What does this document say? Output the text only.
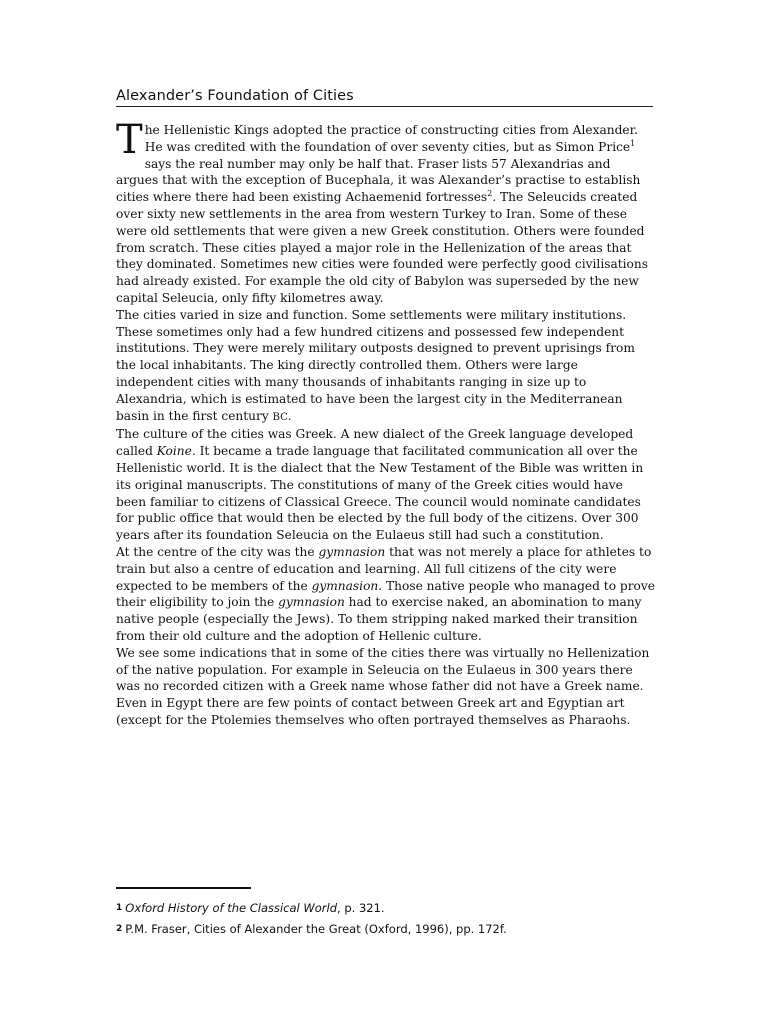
Alexander’s Foundation of Cities

The Hellenistic Kings adopted the practice of constructing cities from Alexander. He was credited with the foundation of over seventy cities, but as Simon Price$^1$ says the real number may only be half that. Fraser lists 57 Alexandrias and argues that with the exception of Bucephala, it was Alexander’s practise to establish cities where there had been existing Achaemenid fortresses$^2$. The Seleucids created over sixty new settlements in the area from western Turkey to Iran. Some of these were old settlements that were given a new Greek constitution. Others were founded from scratch. These cities played a major role in the Hellenization of the areas that they dominated. Sometimes new cities were founded were perfectly good civilisations had already existed. For example the old city of Babylon was superseded by the new capital Seleucia, only fifty kilometres away.

The cities varied in size and function. Some settlements were military institutions. These sometimes only had a few hundred citizens and possessed few independent institutions. They were merely military outposts designed to prevent uprisings from the local inhabitants. The king directly controlled them. Others were large independent cities with many thousands of inhabitants ranging in size up to Alexandria, which is estimated to have been the largest city in the Mediterranean basin in the first century BC.

The culture of the cities was Greek. A new dialect of the Greek language developed called Koine. It became a trade language that facilitated communication all over the Hellenistic world. It is the dialect that the New Testament of the Bible was written in its original manuscripts. The constitutions of many of the Greek cities would have been familiar to citizens of Classical Greece. The council would nominate candidates for public office that would then be elected by the full body of the citizens. Over 300 years after its foundation Seleucia on the Eulaeus still had such a constitution.

At the centre of the city was the gymnasion that was not merely a place for athletes to train but also a centre of education and learning. All full citizens of the city were expected to be members of the gymnasion. Those native people who managed to prove their eligibility to join the gymnasion had to exercise naked, an abomination to many native people (especially the Jews). To them stripping naked marked their transition from their old culture and the adoption of Hellenic culture.

We see some indications that in some of the cities there was virtually no Hellenization of the native population. For example in Seleucia on the Eulaeus in 300 years there was no recorded citizen with a Greek name whose father did not have a Greek name. Even in Egypt there are few points of contact between Greek art and Egyptian art (except for the Ptolemies themselves who often portrayed themselves as Pharaohs.

1 Oxford History of the Classical World, p. 321.

2 P.M. Fraser, Cities of Alexander the Great (Oxford, 1996), pp. 172f.
